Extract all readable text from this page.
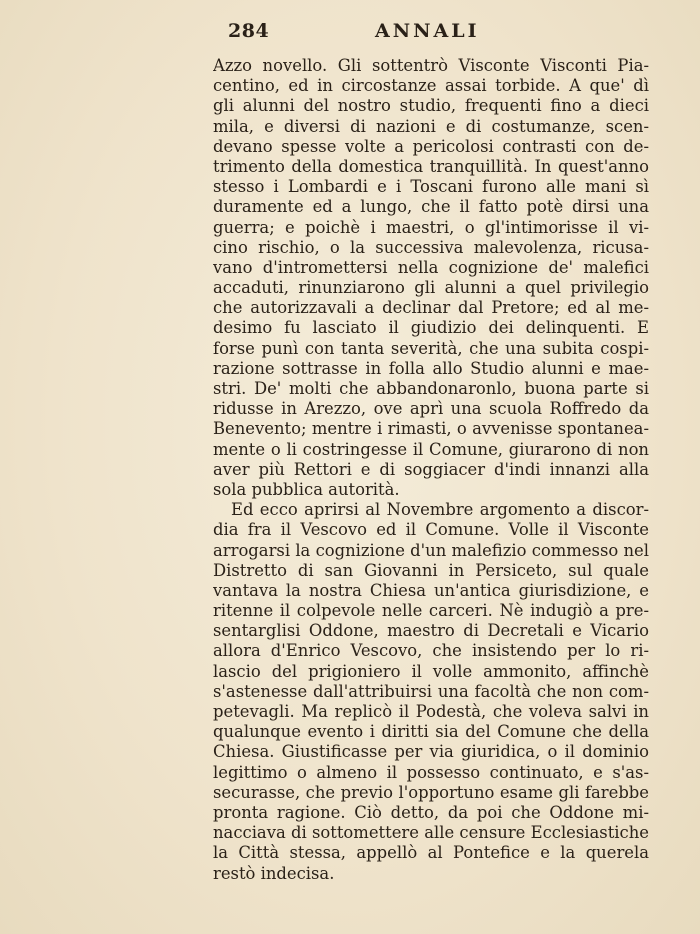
284	ANNALI
Azzo novello. Gli sottentrò Visconte Visconti Pia-
centino, ed in circostanze assai torbide. A que' dì
gli alunni del nostro studio, frequenti fino a dieci
mila, e diversi di nazioni e di costumanze, scen-
devano spesse volte a pericolosi contrasti con de-
trimento della domestica tranquillità. In quest'anno
stesso i Lombardi e i Toscani furono alle mani sì
duramente ed a lungo, che il fatto potè dirsi una
guerra; e poichè i maestri, o gl'intimorisse il vi-
cino rischio, o la successiva malevolenza, ricusa-
vano d'intromettersi nella cognizione de' malefici
accaduti, rinunziarono gli alunni a quel privilegio
che autorizzavali a declinar dal Pretore; ed al me-
desimo fu lasciato il giudizio dei delinquenti. E
forse punì con tanta severità, che una subita cospi-
razione sottrasse in folla allo Studio alunni e mae-
stri. De' molti che abbandonaronlo, buona parte si
ridusse in Arezzo, ove aprì una scuola Roffredo da
Benevento; mentre i rimasti, o avvenisse spontanea-
mente o li costringesse il Comune, giurarono di non
aver più Rettori e di soggiacer d'indi innanzi alla
sola pubblica autorità.
Ed ecco aprirsi al Novembre argomento a discor-
dia fra il Vescovo ed il Comune. Volle il Visconte
arrogarsi la cognizione d'un malefizio commesso nel
Distretto di san Giovanni in Persiceto, sul quale
vantava la nostra Chiesa un'antica giurisdizione, e
ritenne il colpevole nelle carceri. Nè indugiò a pre-
sentarglisi Oddone, maestro di Decretali e Vicario
allora d'Enrico Vescovo, che insistendo per lo ri-
lascio del prigioniero il volle ammonito, affinchè
s'astenesse dall'attribuirsi una facoltà che non com-
petevagli. Ma replicò il Podestà, che voleva salvi in
qualunque evento i diritti sia del Comune che della
Chiesa. Giustificasse per via giuridica, o il dominio
legittimo o almeno il possesso continuato, e s'as-
securasse, che previo l'opportuno esame gli farebbe
pronta ragione. Ciò detto, da poi che Oddone mi-
nacciava di sottomettere alle censure Ecclesiastiche
la Città stessa, appellò al Pontefice e la querela
restò indecisa.
